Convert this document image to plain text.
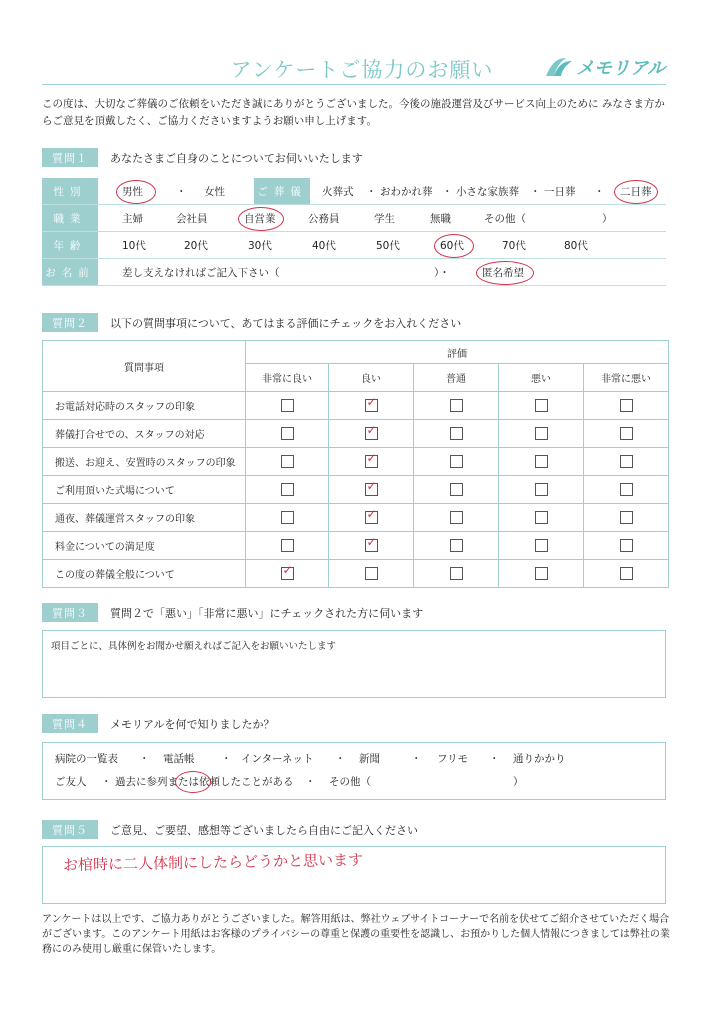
アンケートご協力のお願い	メモリアル
この度は、大切なご葬儀のご依頼をいただき誠にありがとうございました。今後の施設運営及びサービス向上のために みなさま方からご意見を頂戴したく、ご協力くださいますようお願い申し上げます。
質問１	あなたさまご自身のことについてお伺いいたします
性別	男性	・ 女性	ご葬儀	火葬式 ・ おわかれ葬 ・ 小さな家族葬 ・ 一日葬 ・ 二日葬
職業	主婦	会社員	自営業	公務員	学生	無職	その他（	）
年齢	10代	20代	30代	40代	50代	60代	70代	80代
お名前	差し支えなければご記入下さい（	）・	匿名希望
質問２	以下の質問事項について、あてはまる評価にチェックをお入れください
質問事項	評価				
	非常に良い	良い	普通	悪い	非常に悪い
お電話対応時のスタッフの印象		✓			

葬儀打合せでの、スタッフの対応		✓			

搬送、お迎え、安置時のスタッフの印象		✓			

ご利用頂いた式場について		✓			

通夜、葬儀運営スタッフの印象		✓			

料金についての満足度		✓			

この度の葬儀全般について	✓				

質問３	質問２で「悪い」「非常に悪い」にチェックされた方に伺います
項目ごとに、具体例をお聞かせ願えればご記入をお願いいたします
質問４	メモリアルを何で知りましたか？
病院の一覧表 ・ 電話帳	・ インターネット ・ 新聞	・ フリモ ・ 通りかかり
ご友人 ・ 過去に参列または依頼したことがある ・ その他（	）
質問５	ご意見、ご要望、感想等ございましたら自由にご記入ください
お棺時に二人体制にしたらどうかと思います
アンケートは以上です、ご協力ありがとうございました。解答用紙は、弊社ウェブサイトコーナーで名前を伏せてご紹介させていただく場合がございます。このアンケート用紙はお客様のプライバシーの尊重と保護の重要性を認識し、お預かりした個人情報につきましては弊社の業務にのみ使用し厳重に保管いたします。
